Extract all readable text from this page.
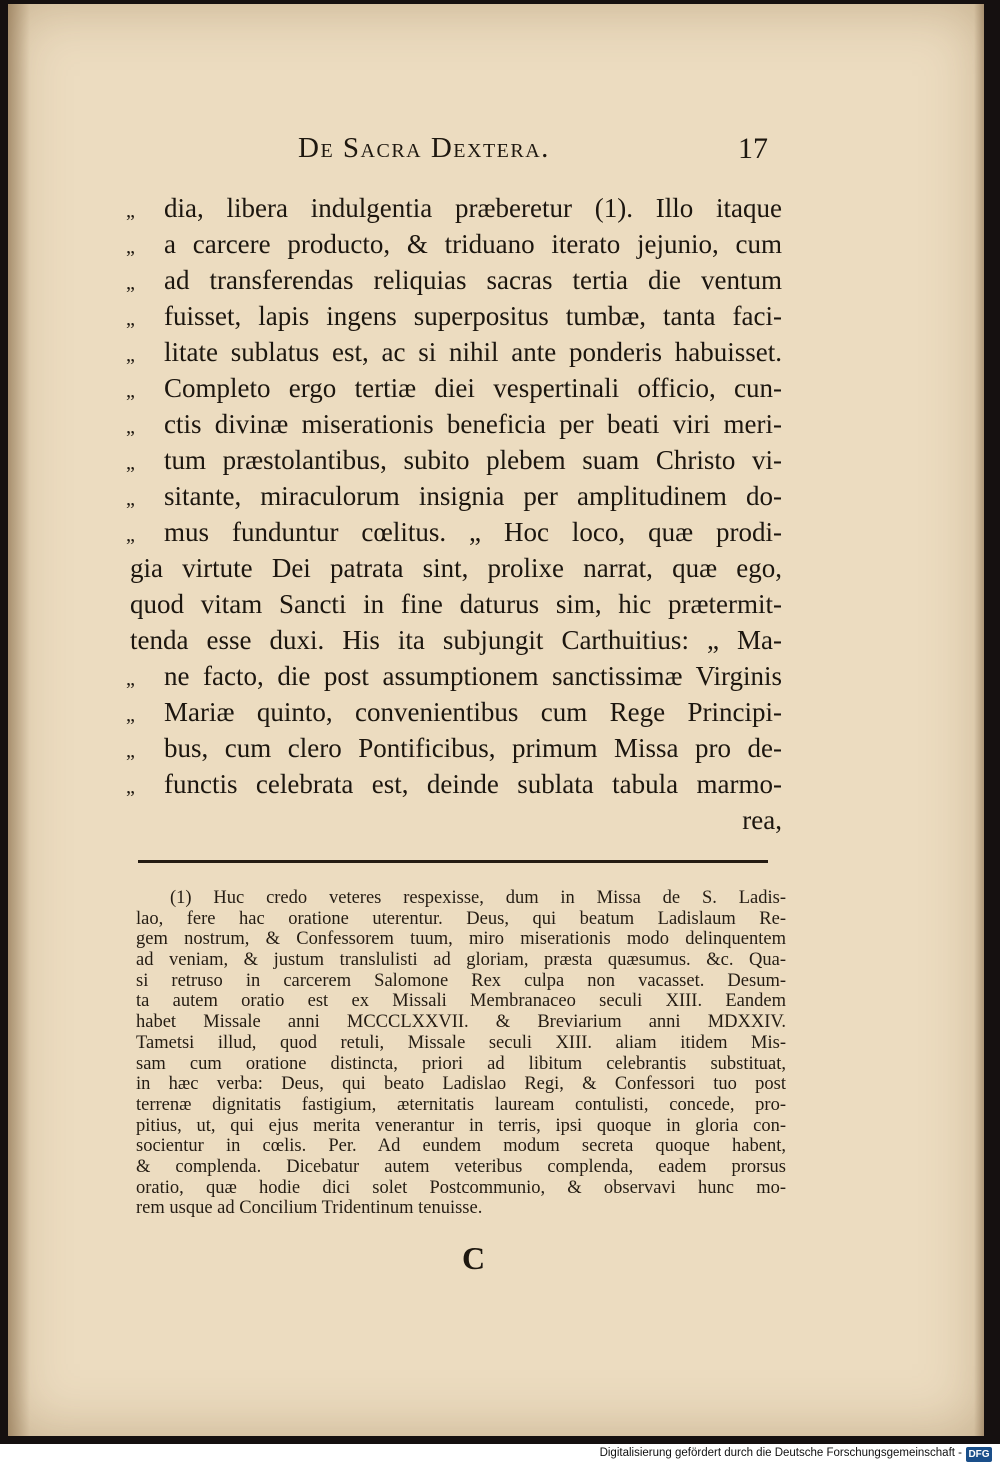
De Sacra Dextera.	17
„ dia, libera indulgentia præberetur (1). Illo itaque
„ a carcere producto, & triduano iterato jejunio, cum
„ ad transferendas reliquias sacras tertia die ventum
„ fuisset, lapis ingens superpositus tumbæ, tanta faci-
„ litate sublatus est, ac si nihil ante ponderis habuisset.
„ Completo ergo tertiæ diei vespertinali officio, cun-
„ ctis divinæ miserationis beneficia per beati viri meri-
„ tum præstolantibus, subito plebem suam Christo vi-
„ sitante, miraculorum insignia per amplitudinem do-
„ mus funduntur cœlitus. „ Hoc loco, quæ prodi-
gia virtute Dei patrata sint, prolixe narrat, quæ ego,
quod vitam Sancti in fine daturus sim, hic prætermit-
tenda esse duxi. His ita subjungit Carthuitius: „ Ma-
„ ne facto, die post assumptionem sanctissimæ Virginis
„ Mariæ quinto, convenientibus cum Rege Principi-
„ bus, cum clero Pontificibus, primum Missa pro de-
„ functis celebrata est, deinde sublata tabula marmo-
rea,
(1) Huc credo veteres respexisse, dum in Missa de S. Ladis-
lao, fere hac oratione uterentur. Deus, qui beatum Ladislaum Re-
gem nostrum, & Confessorem tuum, miro miserationis modo delinquentem
ad veniam, & justum translulisti ad gloriam, præsta quæsumus. &c. Qua-
si retruso in carcerem Salomone Rex culpa non vacasset. Desum-
ta autem oratio est ex Missali Membranaceo seculi XIII. Eandem
habet Missale anni MCCCLXXVII. & Breviarium anni MDXXIV.
Tametsi illud, quod retuli, Missale seculi XIII. aliam itidem Mis-
sam cum oratione distincta, priori ad libitum celebrantis substituat,
in hæc verba: Deus, qui beato Ladislao Regi, & Confessori tuo post
terrenæ dignitatis fastigium, æternitatis lauream contulisti, concede, pro-
pitius, ut, qui ejus merita venerantur in terris, ipsi quoque in gloria con-
socientur in cœlis. Per. Ad eundem modum secreta quoque habent,
& complenda. Dicebatur autem veteribus complenda, eadem prorsus
oratio, quæ hodie dici solet Postcommunio, & observavi hunc mo-
rem usque ad Concilium Tridentinum tenuisse.
C
Digitalisierung gefördert durch die Deutsche Forschungsgemeinschaft - DFG
